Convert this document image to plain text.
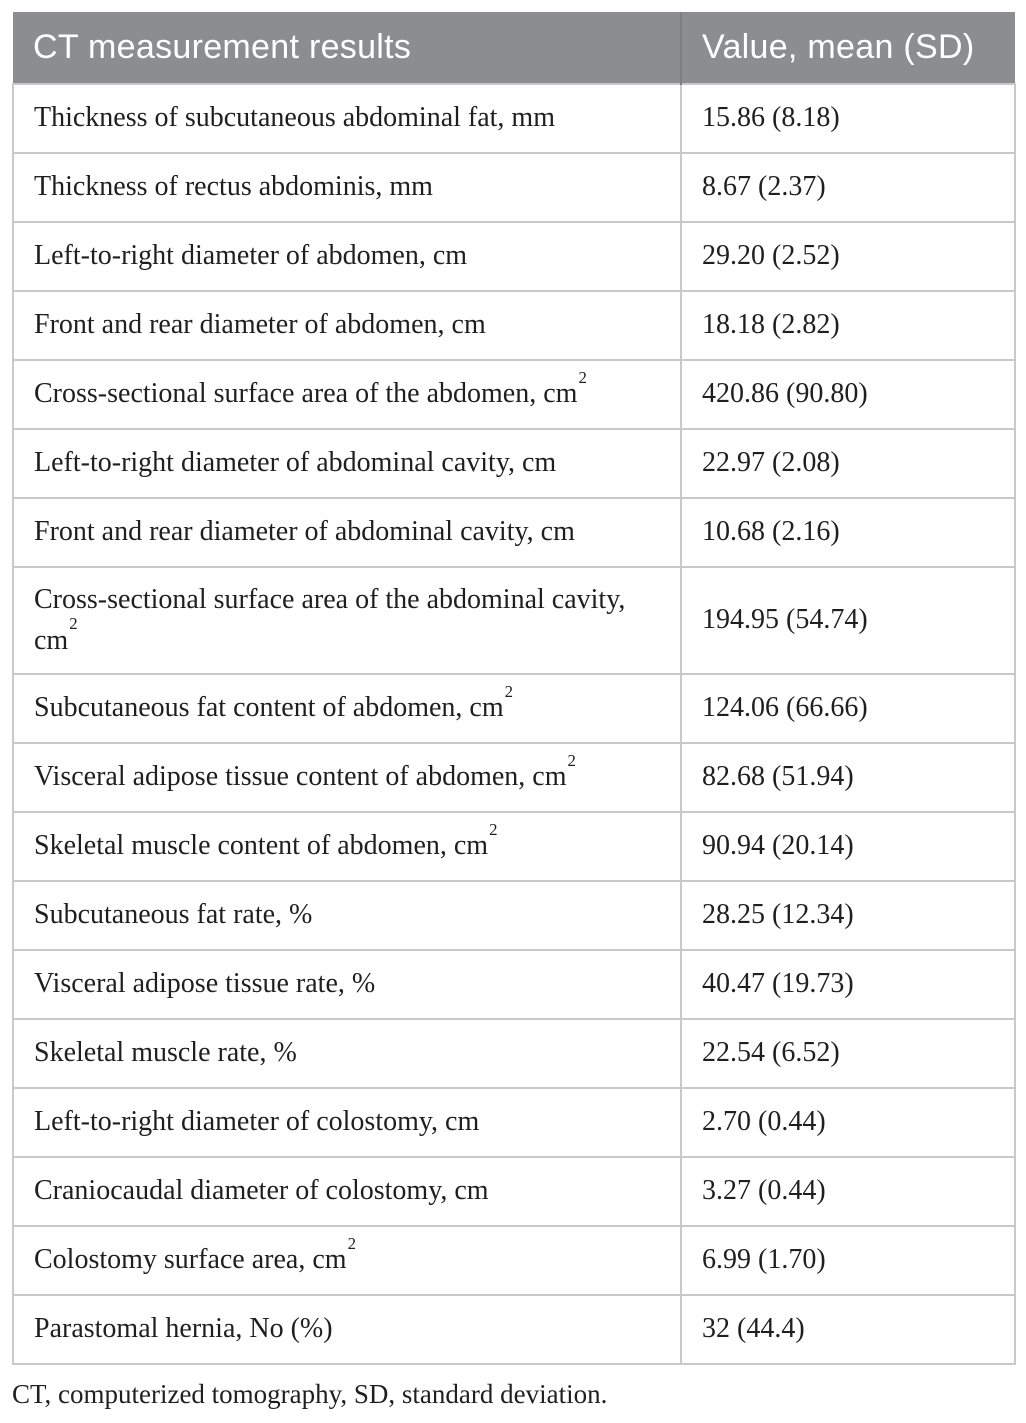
CT measurement results	Value, mean (SD)
Thickness of subcutaneous abdominal fat, mm	15.86 (8.18)
Thickness of rectus abdominis, mm	8.67 (2.37)
Left-to-right diameter of abdomen, cm	29.20 (2.52)
Front and rear diameter of abdomen, cm	18.18 (2.82)
Cross-sectional surface area of the abdomen, $cm^2$	420.86 (90.80)
Left-to-right diameter of abdominal cavity, cm	22.97 (2.08)
Front and rear diameter of abdominal cavity, cm	10.68 (2.16)
Cross-sectional surface area of the abdominal cavity, $cm^2$	194.95 (54.74)
Subcutaneous fat content of abdomen, $cm^2$	124.06 (66.66)
Visceral adipose tissue content of abdomen, $cm^2$	82.68 (51.94)
Skeletal muscle content of abdomen, $cm^2$	90.94 (20.14)
Subcutaneous fat rate, %	28.25 (12.34)
Visceral adipose tissue rate, %	40.47 (19.73)
Skeletal muscle rate, %	22.54 (6.52)
Left-to-right diameter of colostomy, cm	2.70 (0.44)
Craniocaudal diameter of colostomy, cm	3.27 (0.44)
Colostomy surface area, $cm^2$	6.99 (1.70)
Parastomal hernia, No (%)	32 (44.4)
CT, computerized tomography, SD, standard deviation.
